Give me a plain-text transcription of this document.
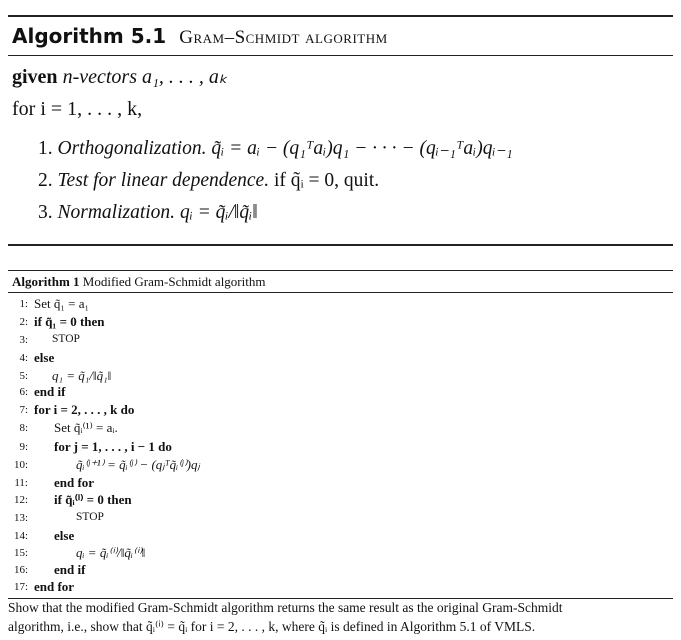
Algorithm 5.1 Gram–Schmidt algorithm
given n-vectors a₁, . . . , aₖ
for i = 1, . . . , k,
1. Orthogonalization. q̃ᵢ = aᵢ − (q₁ᵀaᵢ)q₁ − · · · − (qᵢ₋₁ᵀaᵢ)qᵢ₋₁
2. Test for linear dependence. if q̃ᵢ = 0, quit.
3. Normalization. qᵢ = q̃ᵢ/‖q̃ᵢ‖
Algorithm 1 Modified Gram-Schmidt algorithm
1:
2:
3:
4:
5:
6:
7:
8:
9:
10:
11:
12:
13:
14:
15:
16:
17:
Set q̃₁ = a₁
if q̃₁ = 0 then
STOP
else
q₁ = q̃₁/‖q̃₁‖
end if
for i = 2, . . . , k do
Set q̃ᵢ⁽¹⁾ = aᵢ.
for j = 1, . . . , i − 1 do
q̃ᵢ⁽ʲ⁺¹⁾ = q̃ᵢ⁽ʲ⁾ − (qⱼᵀq̃ᵢ⁽ʲ⁾)qⱼ
end for
if q̃ᵢ⁽ⁱ⁾ = 0 then
STOP
else
qᵢ = q̃ᵢ⁽ⁱ⁾/‖q̃ᵢ⁽ⁱ⁾‖
end if
end for
Show that the modified Gram-Schmidt algorithm returns the same result as the original Gram-Schmidt
algorithm, i.e., show that q̃ᵢ⁽ⁱ⁾ = q̃ᵢ for i = 2, . . . , k, where q̃ᵢ is defined in Algorithm 5.1 of VMLS.
